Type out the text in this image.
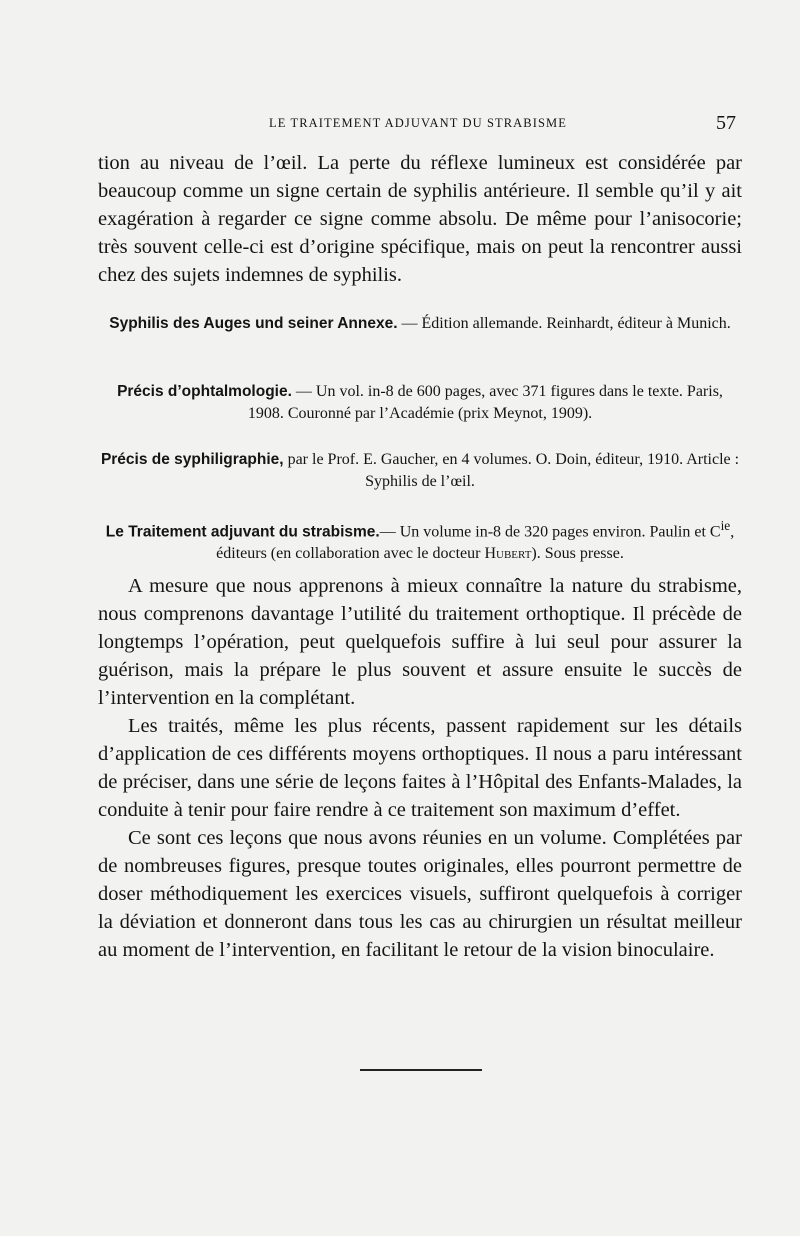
LE TRAITEMENT ADJUVANT DU STRABISME	57

tion au niveau de l’œil. La perte du réflexe lumineux est considérée par beaucoup comme un signe certain de syphilis antérieure. Il semble qu’il y ait exagération à regarder ce signe comme absolu. De même pour l’anisocorie; très souvent celle-ci est d’origine spécifique, mais on peut la rencontrer aussi chez des sujets indemnes de syphilis.

Syphilis des Auges und seiner Annexe. — Édition allemande. Reinhardt, éditeur à Munich.
Précis d’ophtalmologie. — Un vol. in-8 de 600 pages, avec 371 figures dans le texte. Paris, 1908. Couronné par l’Académie (prix Meynot, 1909).
Précis de syphiligraphie, par le Prof. E. Gaucher, en 4 volumes. O. Doin, éditeur, 1910. Article : Syphilis de l’œil.
Le Traitement adjuvant du strabisme.— Un volume in-8 de 320 pages environ. Paulin et $C^{ie}$, éditeurs (en collaboration avec le docteur Hubert). Sous presse.

A mesure que nous apprenons à mieux connaître la nature du strabisme, nous comprenons davantage l’utilité du traitement orthoptique. Il précède de longtemps l’opération, peut quelquefois suffire à lui seul pour assurer la guérison, mais la prépare le plus souvent et assure ensuite le succès de l’intervention en la complétant.

Les traités, même les plus récents, passent rapidement sur les détails d’application de ces différents moyens orthoptiques. Il nous a paru intéressant de préciser, dans une série de leçons faites à l’Hôpital des Enfants-Malades, la conduite à tenir pour faire rendre à ce traitement son maximum d’effet.

Ce sont ces leçons que nous avons réunies en un volume. Complétées par de nombreuses figures, presque toutes originales, elles pourront permettre de doser méthodiquement les exercices visuels, suffiront quelquefois à corriger la déviation et donneront dans tous les cas au chirurgien un résultat meilleur au moment de l’intervention, en facilitant le retour de la vision binoculaire.
